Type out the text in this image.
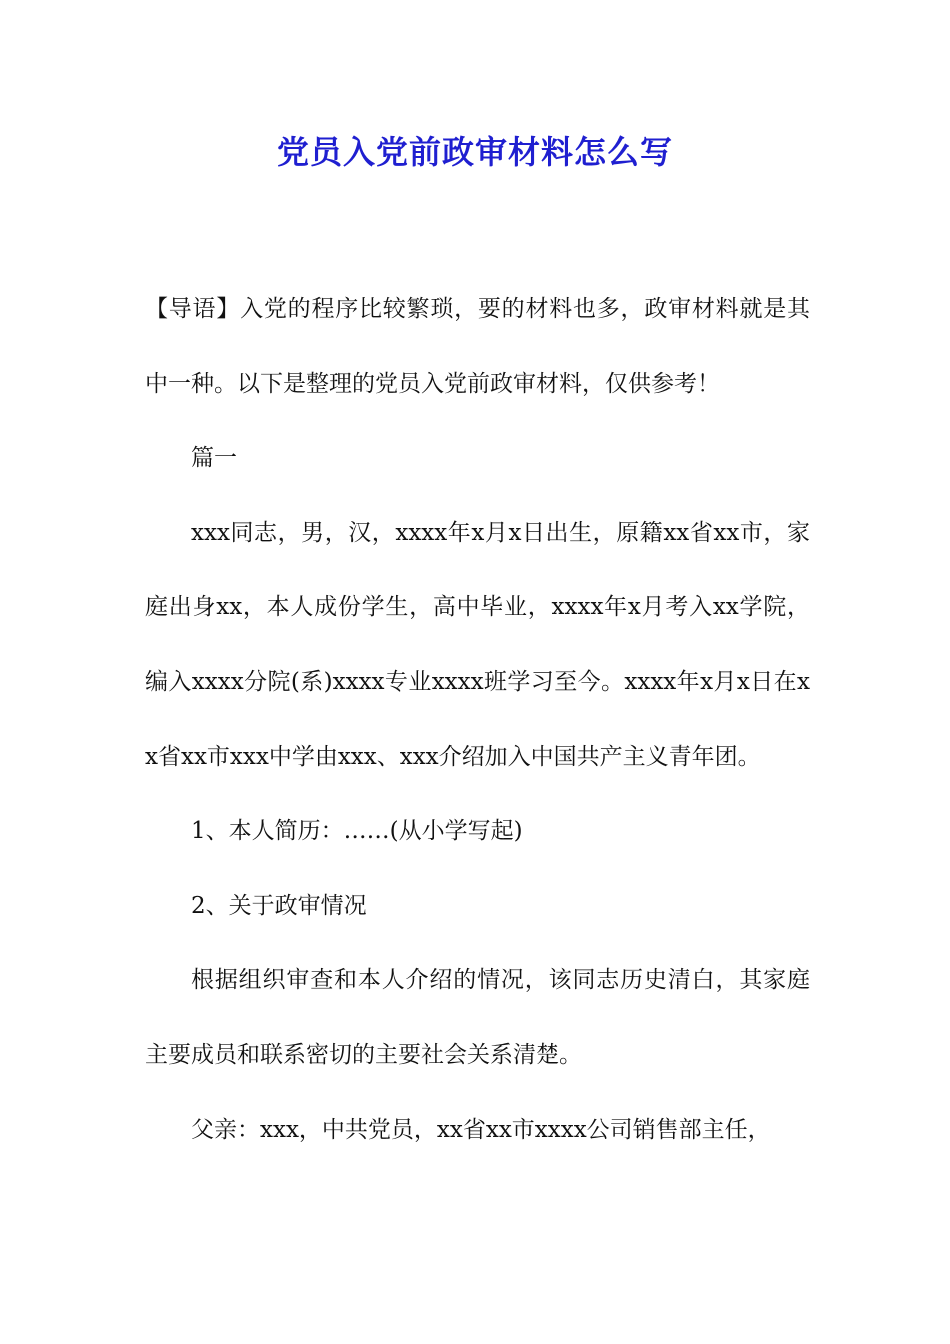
党员入党前政审材料怎么写

【导语】入党的程序比较繁琐，要的材料也多，政审材料就是其中一种。以下是整理的党员入党前政审材料，仅供参考！

篇一

xxx同志，男，汉，xxxx年x月x日出生，原籍xx省xx市，家庭出身xx，本人成份学生，高中毕业，xxxx年x月考入xx学院，编入xxxx分院(系)xxxx专业xxxx班学习至今。xxxx年x月x日在xx省xx市xxx中学由xxx、xxx介绍加入中国共产主义青年团。

1、本人简历：……(从小学写起)

2、关于政审情况

根据组织审查和本人介绍的情况，该同志历史清白，其家庭主要成员和联系密切的主要社会关系清楚。

父亲：xxx，中共党员，xx省xx市xxxx公司销售部主任，
